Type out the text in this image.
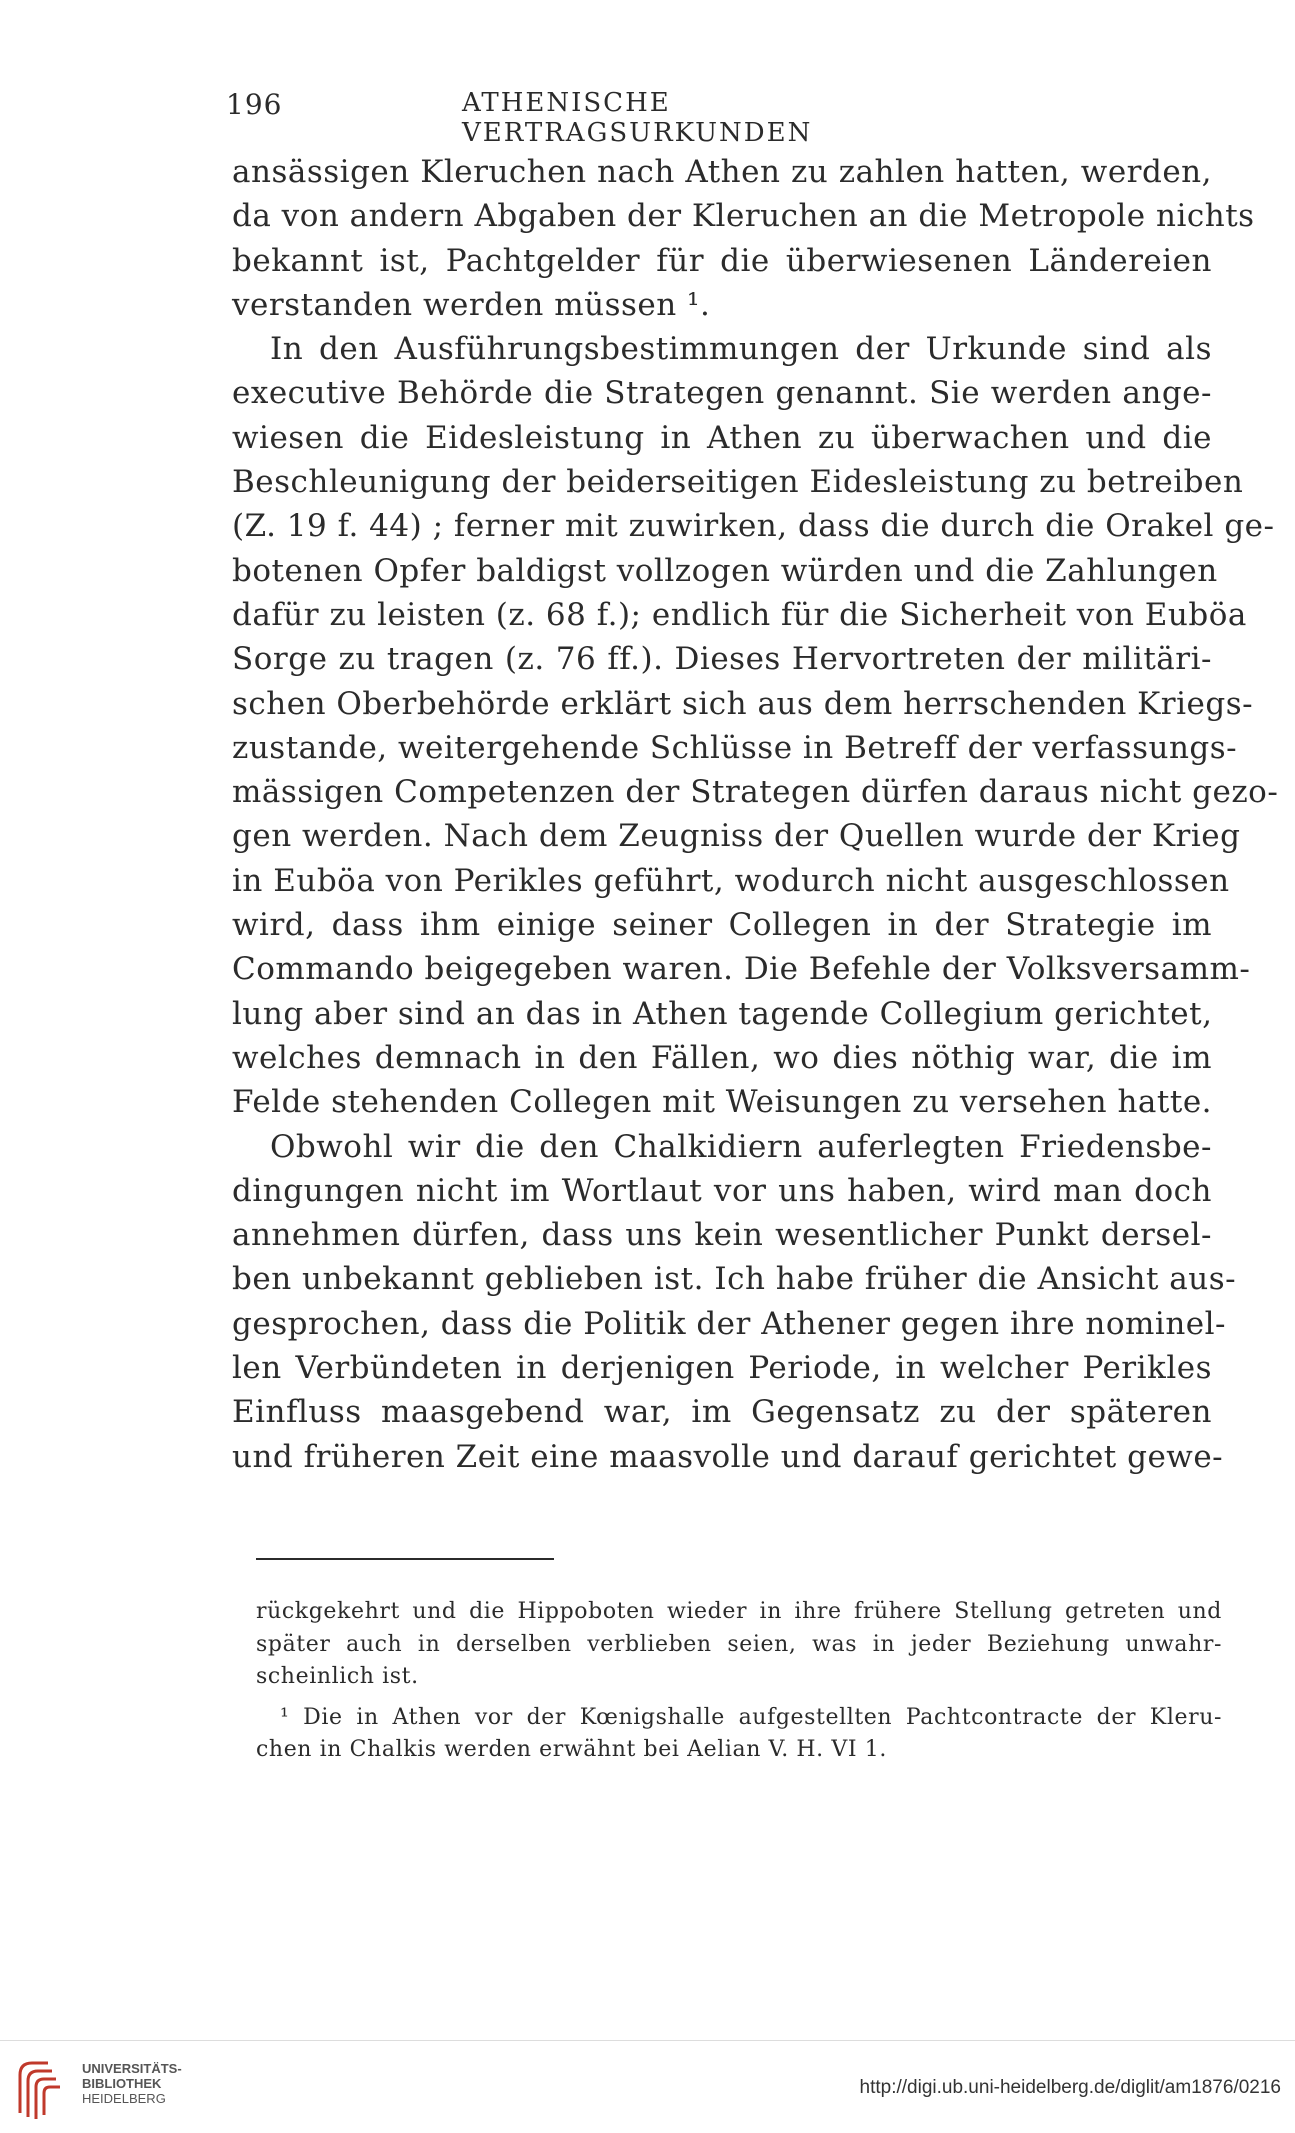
196	ATHENISCHE VERTRAGSURKUNDEN
ansässigen Kleruchen nach Athen zu zahlen hatten, werden,
da von andern Abgaben der Kleruchen an die Metropole nichts
bekannt ist, Pachtgelder für die überwiesenen Ländereien
verstanden werden müssen ¹.
In den Ausführungsbestimmungen der Urkunde sind als
executive Behörde die Strategen genannt. Sie werden ange-
wiesen die Eidesleistung in Athen zu überwachen und die
Beschleunigung der beiderseitigen Eidesleistung zu betreiben
(Z. 19 f. 44) ; ferner mit zuwirken, dass die durch die Orakel ge-
botenen Opfer baldigst vollzogen würden und die Zahlungen
dafür zu leisten (z. 68 f.); endlich für die Sicherheit von Euböa
Sorge zu tragen (z. 76 ff.). Dieses Hervortreten der militäri-
schen Oberbehörde erklärt sich aus dem herrschenden Kriegs-
zustande, weitergehende Schlüsse in Betreff der verfassungs-
mässigen Competenzen der Strategen dürfen daraus nicht gezo-
gen werden. Nach dem Zeugniss der Quellen wurde der Krieg
in Euböa von Perikles geführt, wodurch nicht ausgeschlossen
wird, dass ihm einige seiner Collegen in der Strategie im
Commando beigegeben waren. Die Befehle der Volksversamm-
lung aber sind an das in Athen tagende Collegium gerichtet,
welches demnach in den Fällen, wo dies nöthig war, die im
Felde stehenden Collegen mit Weisungen zu versehen hatte.
Obwohl wir die den Chalkidiern auferlegten Friedensbe-
dingungen nicht im Wortlaut vor uns haben, wird man doch
annehmen dürfen, dass uns kein wesentlicher Punkt dersel-
ben unbekannt geblieben ist. Ich habe früher die Ansicht aus-
gesprochen, dass die Politik der Athener gegen ihre nominel-
len Verbündeten in derjenigen Periode, in welcher Perikles
Einfluss maasgebend war, im Gegensatz zu der späteren
und früheren Zeit eine maasvolle und darauf gerichtet gewe-
rückgekehrt und die Hippoboten wieder in ihre frühere Stellung getreten und
später auch in derselben verblieben seien, was in jeder Beziehung unwahr-
scheinlich ist.
¹ Die in Athen vor der Kœnigshalle aufgestellten Pachtcontracte der Kleru-
chen in Chalkis werden erwähnt bei Aelian V. H. VI 1.
UNIVERSITÄTS-
BIBLIOTHEK
HEIDELBERG
http://digi.ub.uni-heidelberg.de/diglit/am1876/0216
